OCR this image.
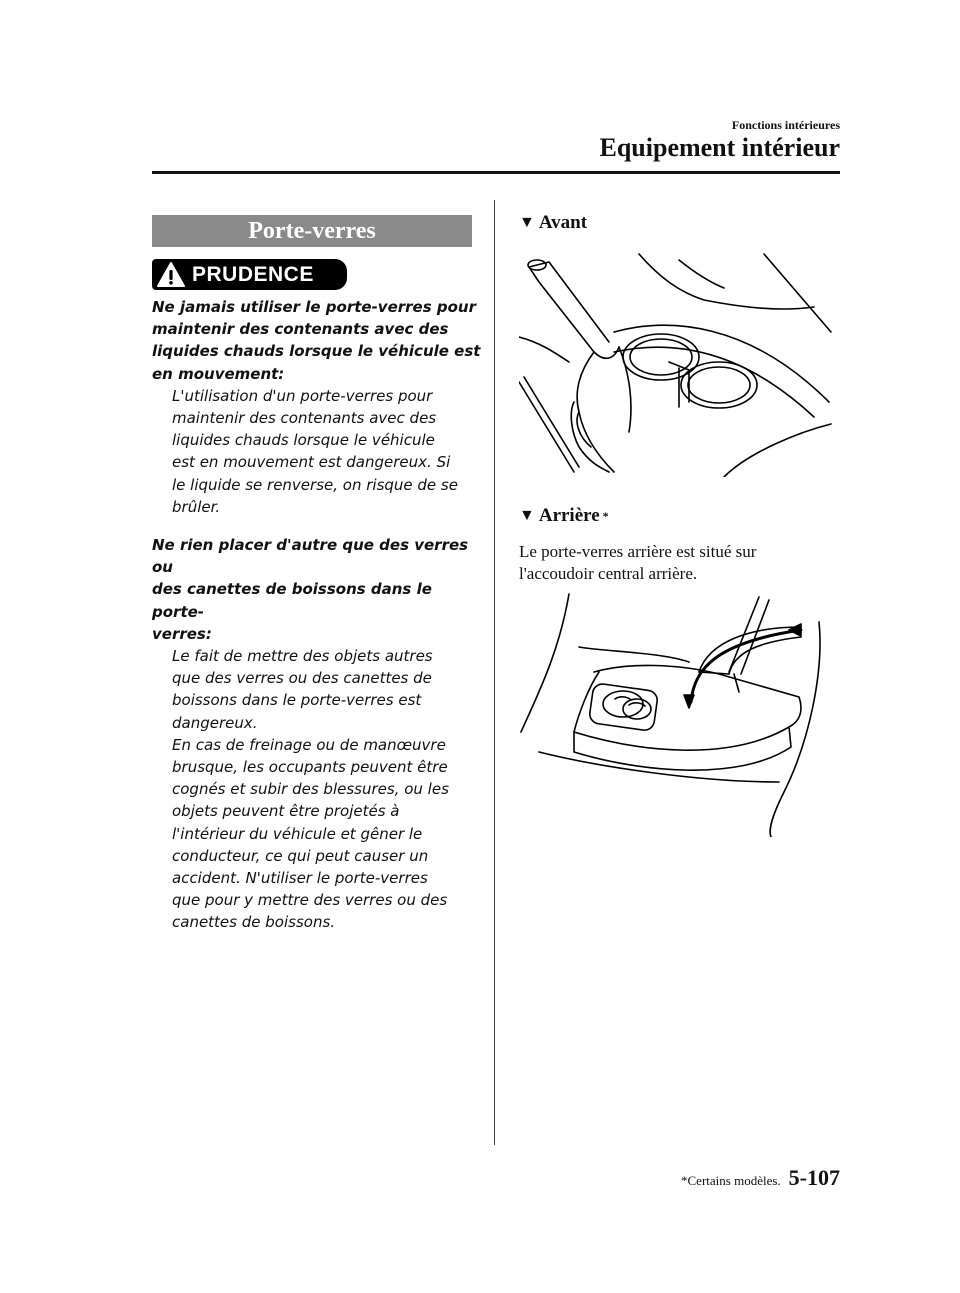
Fonctions intérieures
Equipement intérieur
Porte-verres
PRUDENCE
Ne jamais utiliser le porte-verres pour
maintenir des contenants avec des
liquides chauds lorsque le véhicule est
en mouvement:
L'utilisation d'un porte-verres pour
maintenir des contenants avec des
liquides chauds lorsque le véhicule
est en mouvement est dangereux. Si
le liquide se renverse, on risque de se
brûler.
Ne rien placer d'autre que des verres ou
des canettes de boissons dans le porte-
verres:
Le fait de mettre des objets autres
que des verres ou des canettes de
boissons dans le porte-verres est
dangereux.
En cas de freinage ou de manœuvre
brusque, les occupants peuvent être
cognés et subir des blessures, ou les
objets peuvent être projetés à
l'intérieur du véhicule et gêner le
conducteur, ce qui peut causer un
accident. N'utiliser le porte-verres
que pour y mettre des verres ou des
canettes de boissons.
▼ Avant
▼ Arrière *
Le porte-verres arrière est situé sur
l'accoudoir central arrière.
*Certains modèles. 5-107
